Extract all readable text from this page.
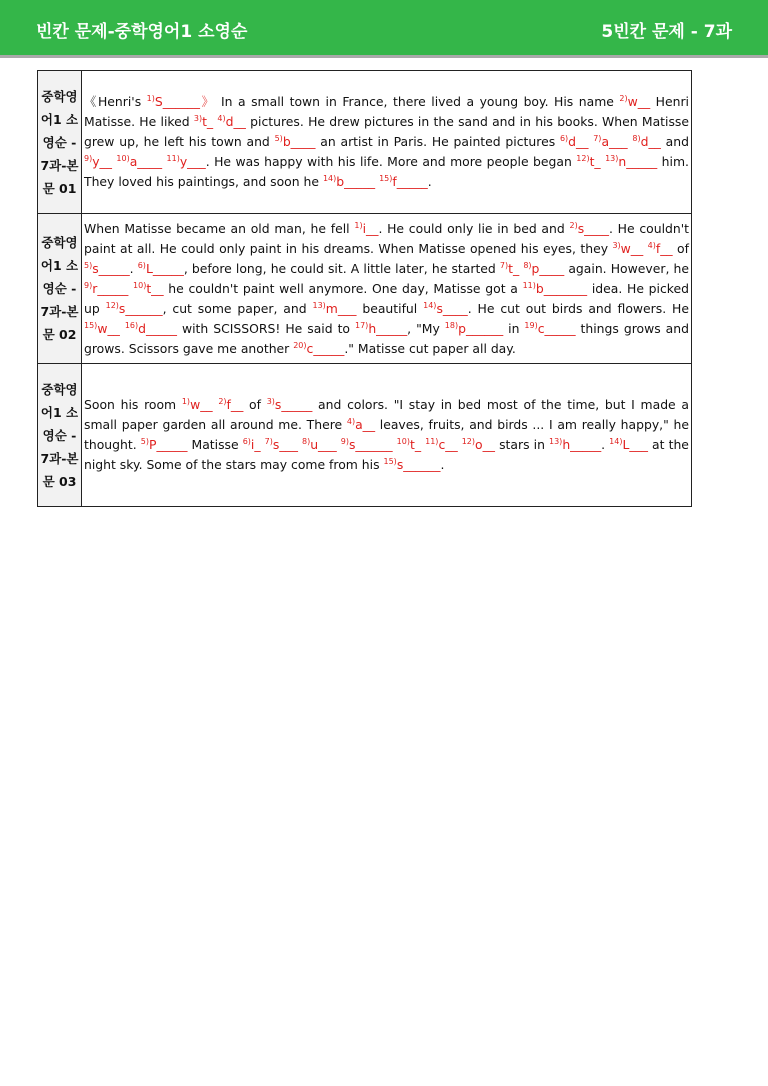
빈칸 문제-중학영어1 소영순	5빈칸 문제 - 7과
중학영어1 소영순 - 7과-본문 01	《Henri's $^{1)}$S______》 In a small town in France, there lived a young boy. His name $^{2)}$w__ Henri Matisse. He liked $^{3)}$t_ $^{4)}$d__ pictures. He drew pictures in the sand and in his books. When Matisse grew up, he left his town and $^{5)}$b____ an artist in Paris. He painted pictures $^{6)}$d__ $^{7)}$a___ $^{8)}$d__ and $^{9)}$y__ $^{10)}$a____ $^{11)}$y___. He was happy with his life. More and more people began $^{12)}$t_ $^{13)}$n_____ him. They loved his paintings, and soon he $^{14)}$b_____ $^{15)}$f_____.
중학영어1 소영순 - 7과-본문 02	When Matisse became an old man, he fell $^{1)}$i__. He could only lie in bed and $^{2)}$s____. He couldn't paint at all. He could only paint in his dreams. When Matisse opened his eyes, they $^{3)}$w__ $^{4)}$f__ of $^{5)}$s_____. $^{6)}$L_____, before long, he could sit. A little later, he started $^{7)}$t_ $^{8)}$p____ again. However, he $^{9)}$r_____ $^{10)}$t__ he couldn't paint well anymore. One day, Matisse got a $^{11)}$b_______ idea. He picked up $^{12)}$s______, cut some paper, and $^{13)}$m___ beautiful $^{14)}$s____. He cut out birds and flowers. He $^{15)}$w__ $^{16)}$d_____ with SCISSORS! He said to $^{17)}$h_____, "My $^{18)}$p______ in $^{19)}$c_____ things grows and grows. Scissors gave me another $^{20)}$c_____." Matisse cut paper all day.
중학영어1 소영순 - 7과-본문 03	Soon his room $^{1)}$w__ $^{2)}$f__ of $^{3)}$s_____ and colors. "I stay in bed most of the time, but I made a small paper garden all around me. There $^{4)}$a__ leaves, fruits, and birds ... I am really happy," he thought. $^{5)}$P_____ Matisse $^{6)}$i_ $^{7)}$s___ $^{8)}$u___ $^{9)}$s______ $^{10)}$t_ $^{11)}$c__ $^{12)}$o__ stars in $^{13)}$h_____. $^{14)}$L___ at the night sky. Some of the stars may come from his $^{15)}$s______.
